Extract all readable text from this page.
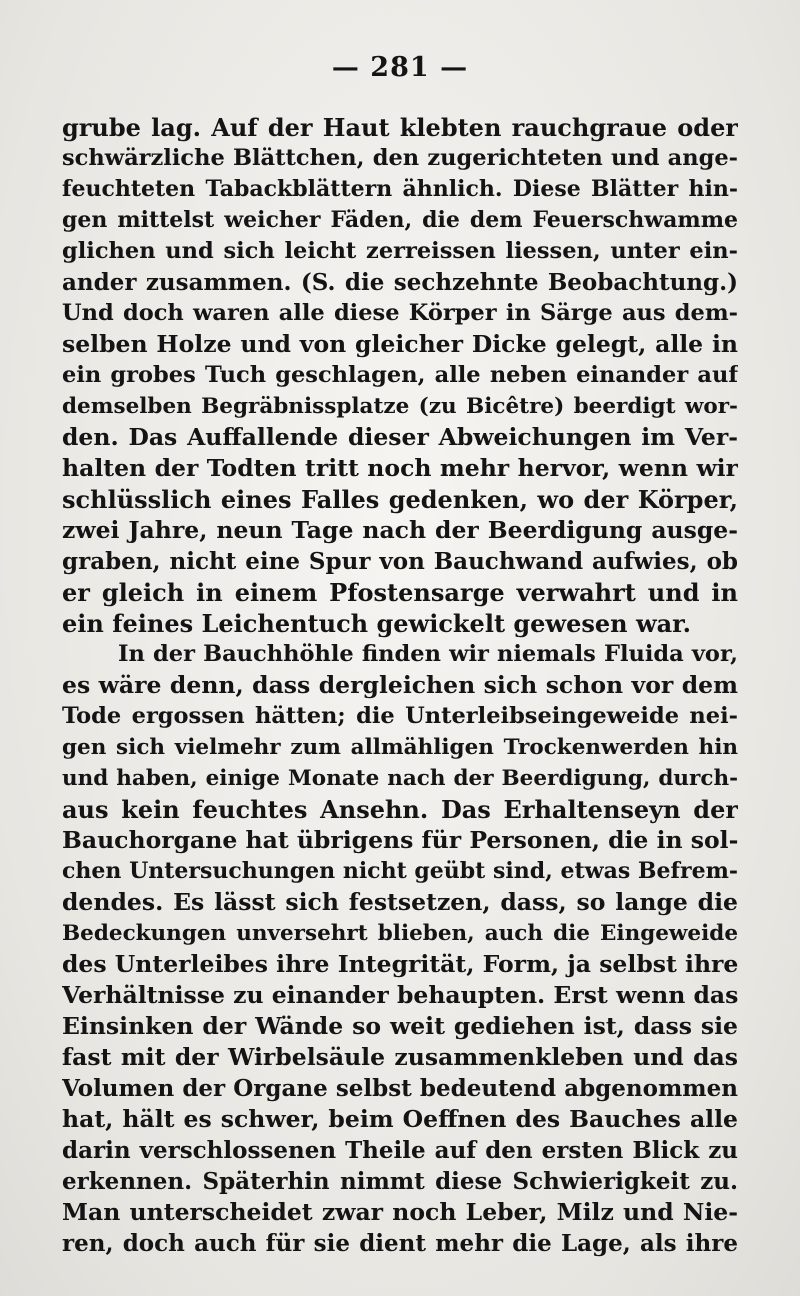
— 281 —
grube lag. Auf der Haut klebten rauchgraue oder
schwärzliche Blättchen, den zugerichteten und ange-
feuchteten Tabackblättern ähnlich. Diese Blätter hin-
gen mittelst weicher Fäden, die dem Feuerschwamme
glichen und sich leicht zerreissen liessen, unter ein-
ander zusammen. (S. die sechzehnte Beobachtung.)
Und doch waren alle diese Körper in Särge aus dem-
selben Holze und von gleicher Dicke gelegt, alle in
ein grobes Tuch geschlagen, alle neben einander auf
demselben Begräbnissplatze (zu Bicêtre) beerdigt wor-
den. Das Auffallende dieser Abweichungen im Ver-
halten der Todten tritt noch mehr hervor, wenn wir
schlüsslich eines Falles gedenken, wo der Körper,
zwei Jahre, neun Tage nach der Beerdigung ausge-
graben, nicht eine Spur von Bauchwand aufwies, ob
er gleich in einem Pfostensarge verwahrt und in
ein feines Leichentuch gewickelt gewesen war.
In der Bauchhöhle finden wir niemals Fluida vor,
es wäre denn, dass dergleichen sich schon vor dem
Tode ergossen hätten; die Unterleibseingeweide nei-
gen sich vielmehr zum allmähligen Trockenwerden hin
und haben, einige Monate nach der Beerdigung, durch-
aus kein feuchtes Ansehn. Das Erhaltenseyn der
Bauchorgane hat übrigens für Personen, die in sol-
chen Untersuchungen nicht geübt sind, etwas Befrem-
dendes. Es lässt sich festsetzen, dass, so lange die
Bedeckungen unversehrt blieben, auch die Eingeweide
des Unterleibes ihre Integrität, Form, ja selbst ihre
Verhältnisse zu einander behaupten. Erst wenn das
Einsinken der Wände so weit gediehen ist, dass sie
fast mit der Wirbelsäule zusammenkleben und das
Volumen der Organe selbst bedeutend abgenommen
hat, hält es schwer, beim Oeffnen des Bauches alle
darin verschlossenen Theile auf den ersten Blick zu
erkennen. Späterhin nimmt diese Schwierigkeit zu.
Man unterscheidet zwar noch Leber, Milz und Nie-
ren, doch auch für sie dient mehr die Lage, als ihre
